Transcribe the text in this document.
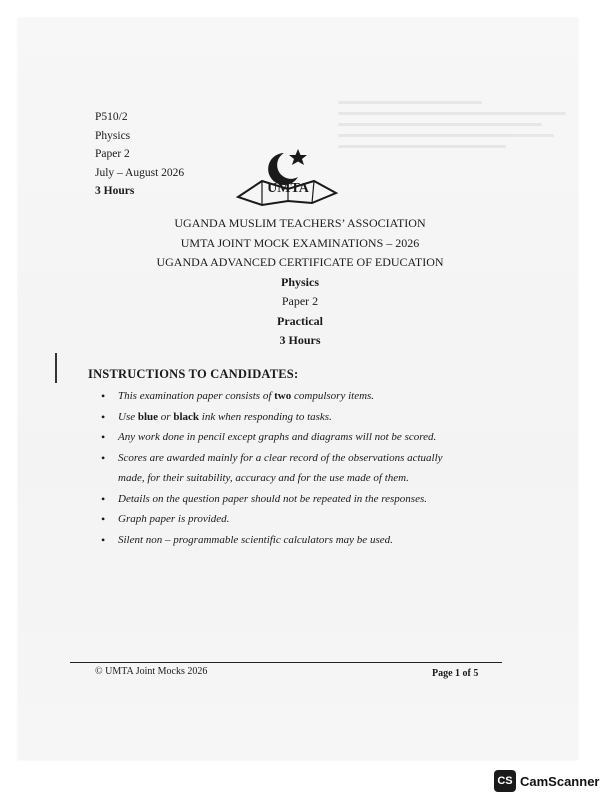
P510/2
Physics
Paper 2
July – August 2026
3 Hours	UMTA
UGANDA MUSLIM TEACHERS’ ASSOCIATION
UMTA JOINT MOCK EXAMINATIONS – 2026
UGANDA ADVANCED CERTIFICATE OF EDUCATION
Physics
Paper 2
Practical
3 Hours
INSTRUCTIONS TO CANDIDATES:
• This examination paper consists of two compulsory items.
• Use blue or black ink when responding to tasks.
• Any work done in pencil except graphs and diagrams will not be scored.
• Scores are awarded mainly for a clear record of the observations actually
made, for their suitability, accuracy and for the use made of them.
• Details on the question paper should not be repeated in the responses.
• Graph paper is provided.
• Silent non – programmable scientific calculators may be used.
© UMTA Joint Mocks 2026	Page 1 of 5
CS CamScanner
